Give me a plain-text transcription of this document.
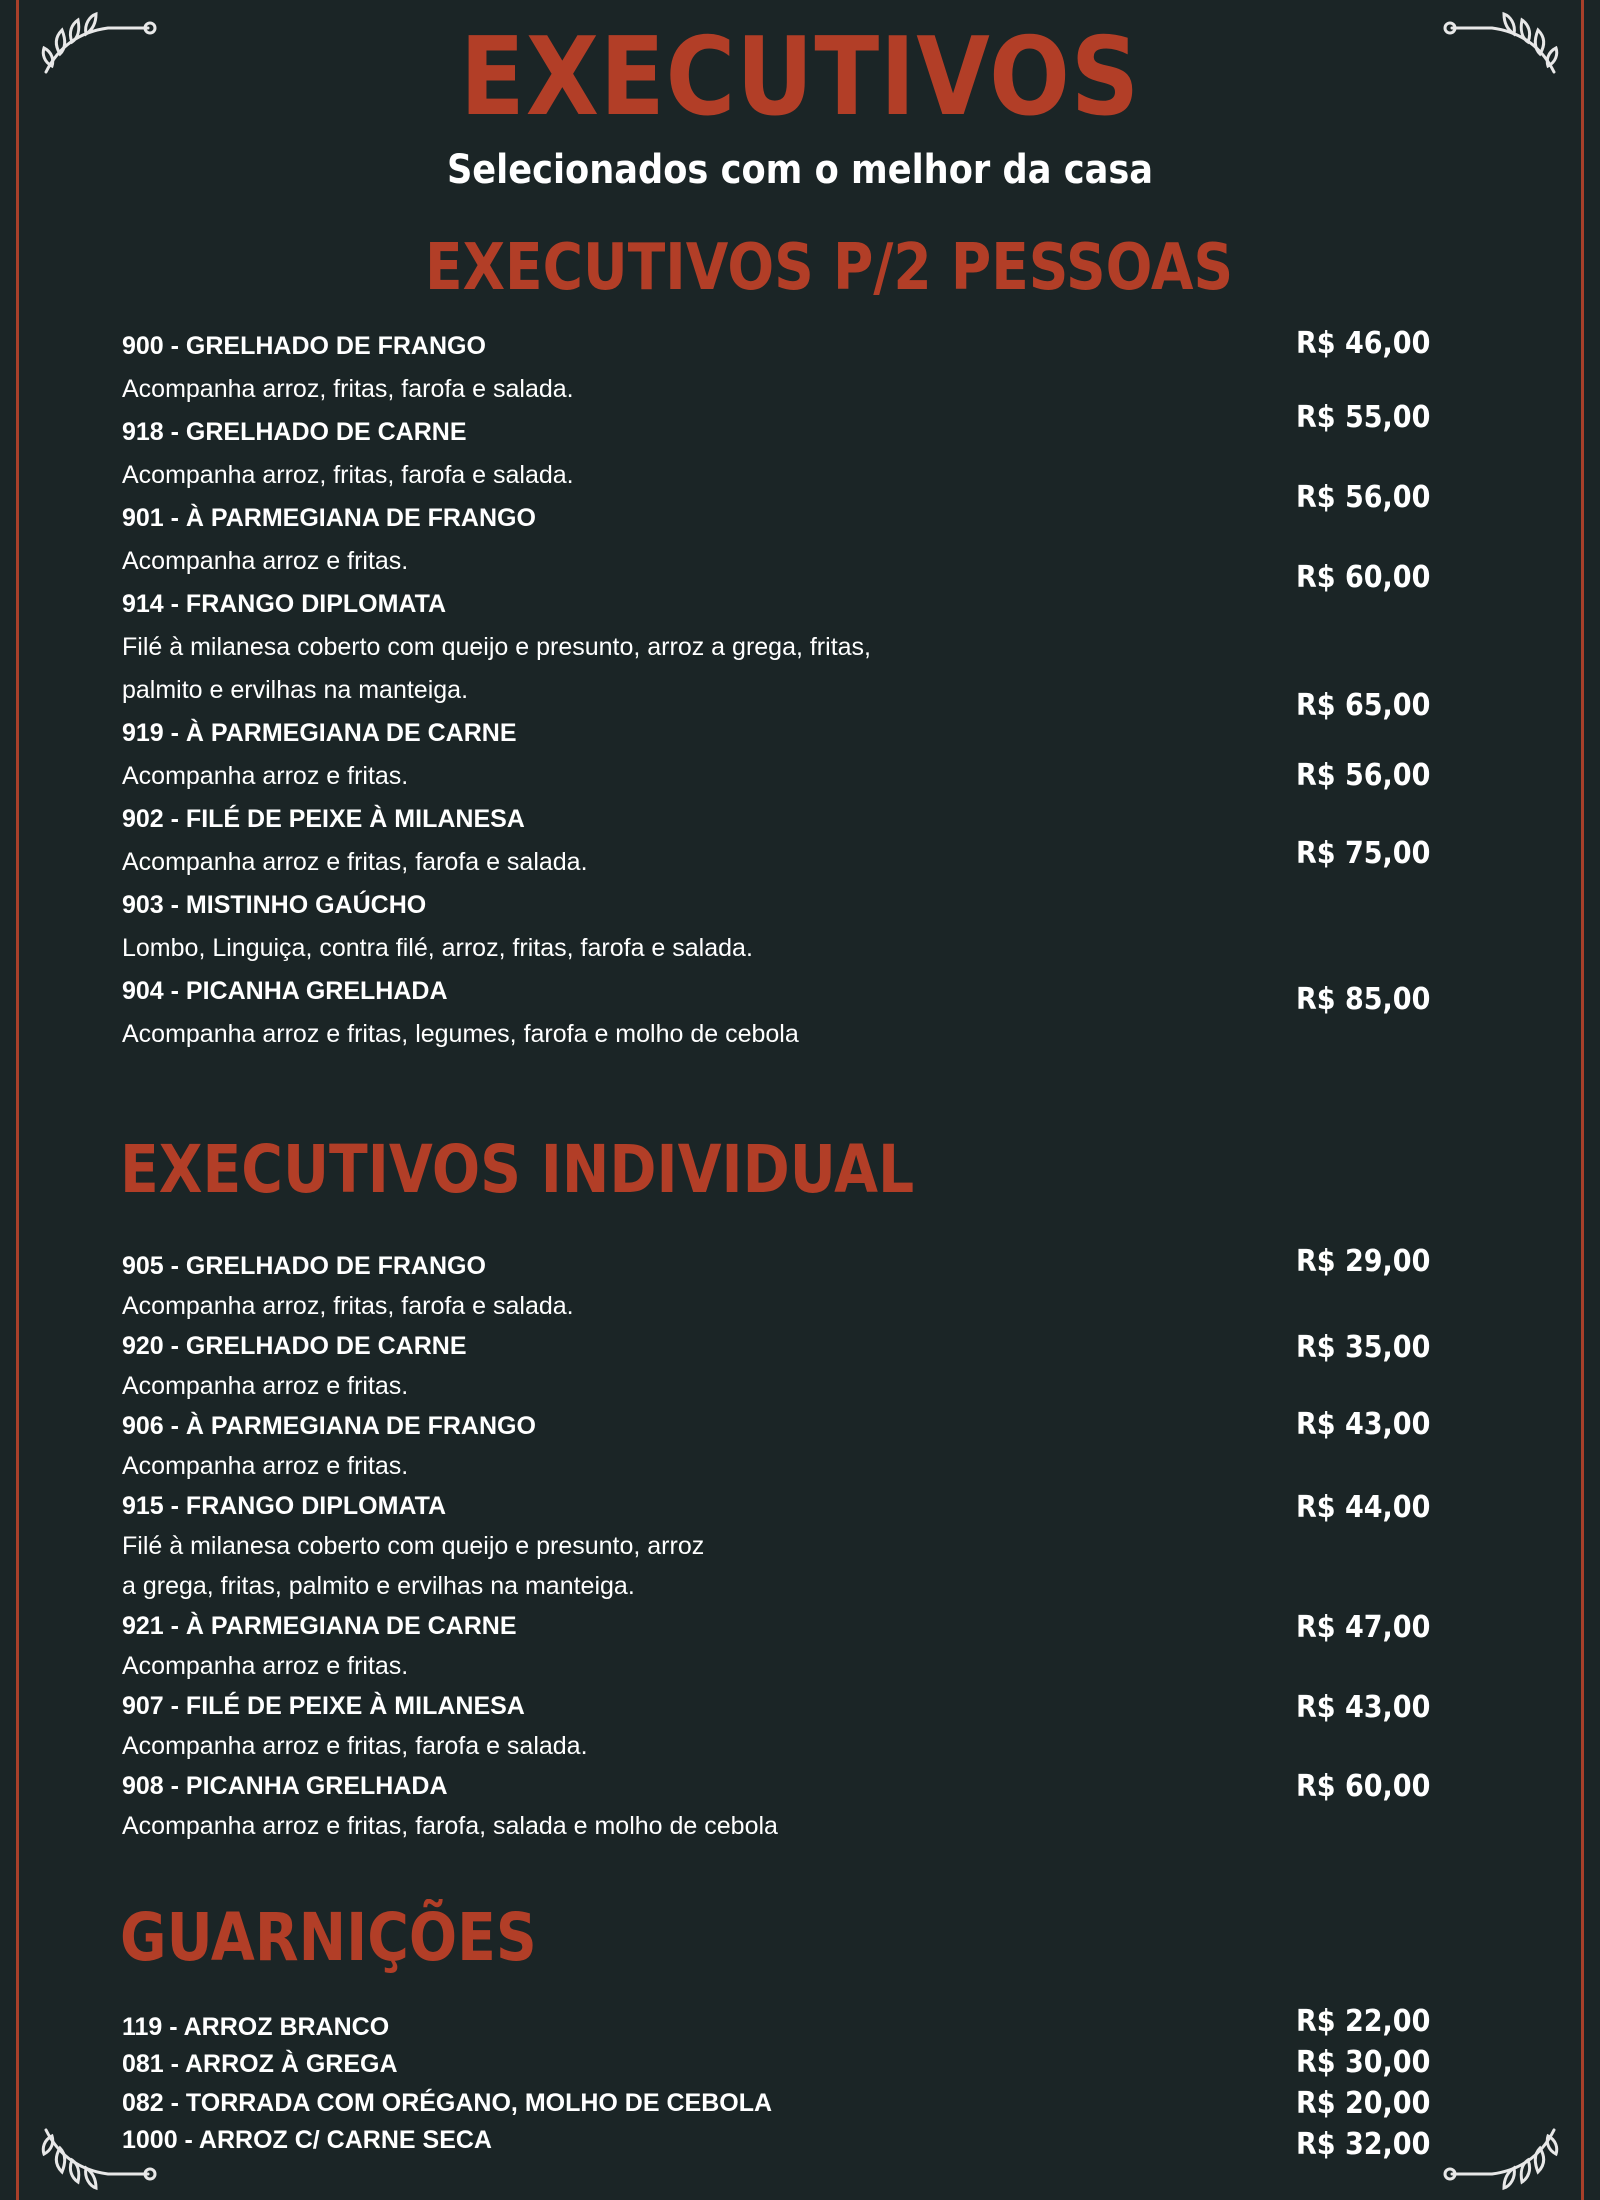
EXECUTIVOS
Selecionados com o melhor da casa
EXECUTIVOS P/2 PESSOAS
900 - GRELHADO DE FRANGO
Acompanha arroz, fritas, farofa e salada.
918 - GRELHADO DE CARNE
Acompanha arroz, fritas, farofa e salada.
901 - À PARMEGIANA DE FRANGO
Acompanha arroz e fritas.
914 - FRANGO DIPLOMATA
Filé à milanesa coberto com queijo e presunto, arroz a grega, fritas,
palmito e ervilhas na manteiga.
919 - À PARMEGIANA DE CARNE
Acompanha arroz e fritas.
902 - FILÉ DE PEIXE À MILANESA
Acompanha arroz e fritas, farofa e salada.
903 - MISTINHO GAÚCHO
Lombo, Linguiça, contra filé, arroz, fritas, farofa e salada.
904 - PICANHA GRELHADA
Acompanha arroz e fritas, legumes, farofa e molho de cebola
R$ 46,00
R$ 55,00
R$ 56,00
R$ 60,00
R$ 65,00
R$ 56,00
R$ 75,00
R$ 85,00
EXECUTIVOS INDIVIDUAL
905 - GRELHADO DE FRANGO
Acompanha arroz, fritas, farofa e salada.
920 - GRELHADO DE CARNE
Acompanha arroz e fritas.
906 - À PARMEGIANA DE FRANGO
Acompanha arroz e fritas.
915 - FRANGO DIPLOMATA
Filé à milanesa coberto com queijo e presunto, arroz
a grega, fritas, palmito e ervilhas na manteiga.
921 - À PARMEGIANA DE CARNE
Acompanha arroz e fritas.
907 - FILÉ DE PEIXE À MILANESA
Acompanha arroz e fritas, farofa e salada.
908 - PICANHA GRELHADA
Acompanha arroz e fritas, farofa, salada e molho de cebola
R$ 29,00
R$ 35,00
R$ 43,00
R$ 44,00
R$ 47,00
R$ 43,00
R$ 60,00
GUARNIÇÕES
119 - ARROZ BRANCO
081 - ARROZ À GREGA
082 - TORRADA COM ORÉGANO, MOLHO DE CEBOLA
1000 - ARROZ C/ CARNE SECA
R$ 22,00
R$ 30,00
R$ 20,00
R$ 32,00
